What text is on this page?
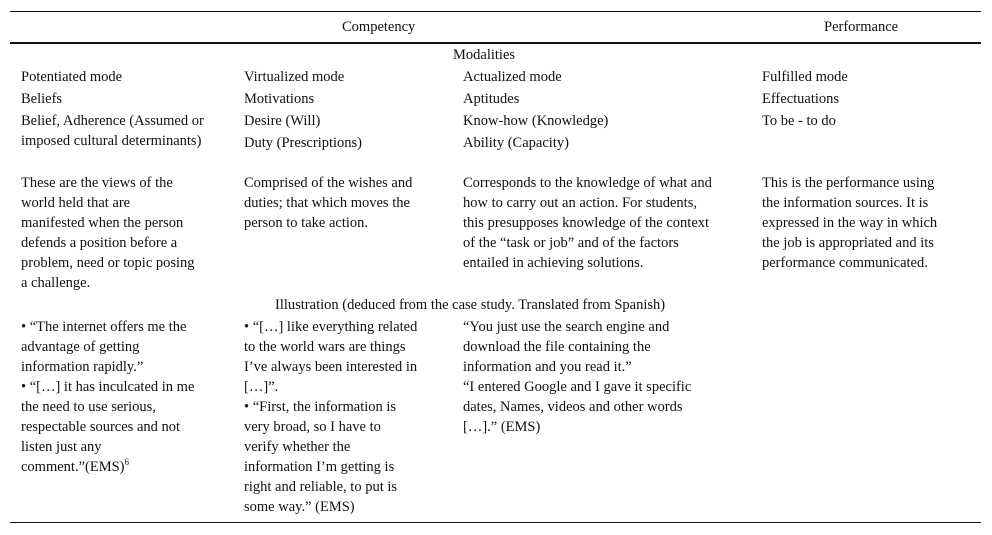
Competency	Performance
Modalities
Potentiated mode
Beliefs
Belief, Adherence (Assumed or imposed cultural determinants)
These are the views of the world held that are manifested when the person defends a position before a problem, need or topic posing a challenge.
Virtualized mode
Motivations
Desire (Will)
Duty (Prescriptions)
Comprised of the wishes and duties; that which moves the person to take action.
Actualized mode
Aptitudes
Know-how (Knowledge)
Ability (Capacity)
Corresponds to the knowledge of what and how to carry out an action. For students, this presupposes knowledge of the context of the “task or job” and of the factors entailed in achieving solutions.
Fulfilled mode
Effectuations
To be - to do
This is the performance using the information sources. It is expressed in the way in which the job is appropriated and its performance communicated.
Illustration (deduced from the case study. Translated from Spanish)
• “The internet offers me the advantage of getting information rapidly.”
• “[…] it has inculcated in me the need to use serious, respectable sources and not listen just any comment.”(EMS)$^6$
• “[…] like everything related to the world wars are things I’ve always been interested in […]”.
• “First, the information is very broad, so I have to verify whether the information I’m getting is right and reliable, to put is some way.” (EMS)
“You just use the search engine and download the file containing the information and you read it.”
“I entered Google and I gave it specific dates, Names, videos and other words […].” (EMS)
